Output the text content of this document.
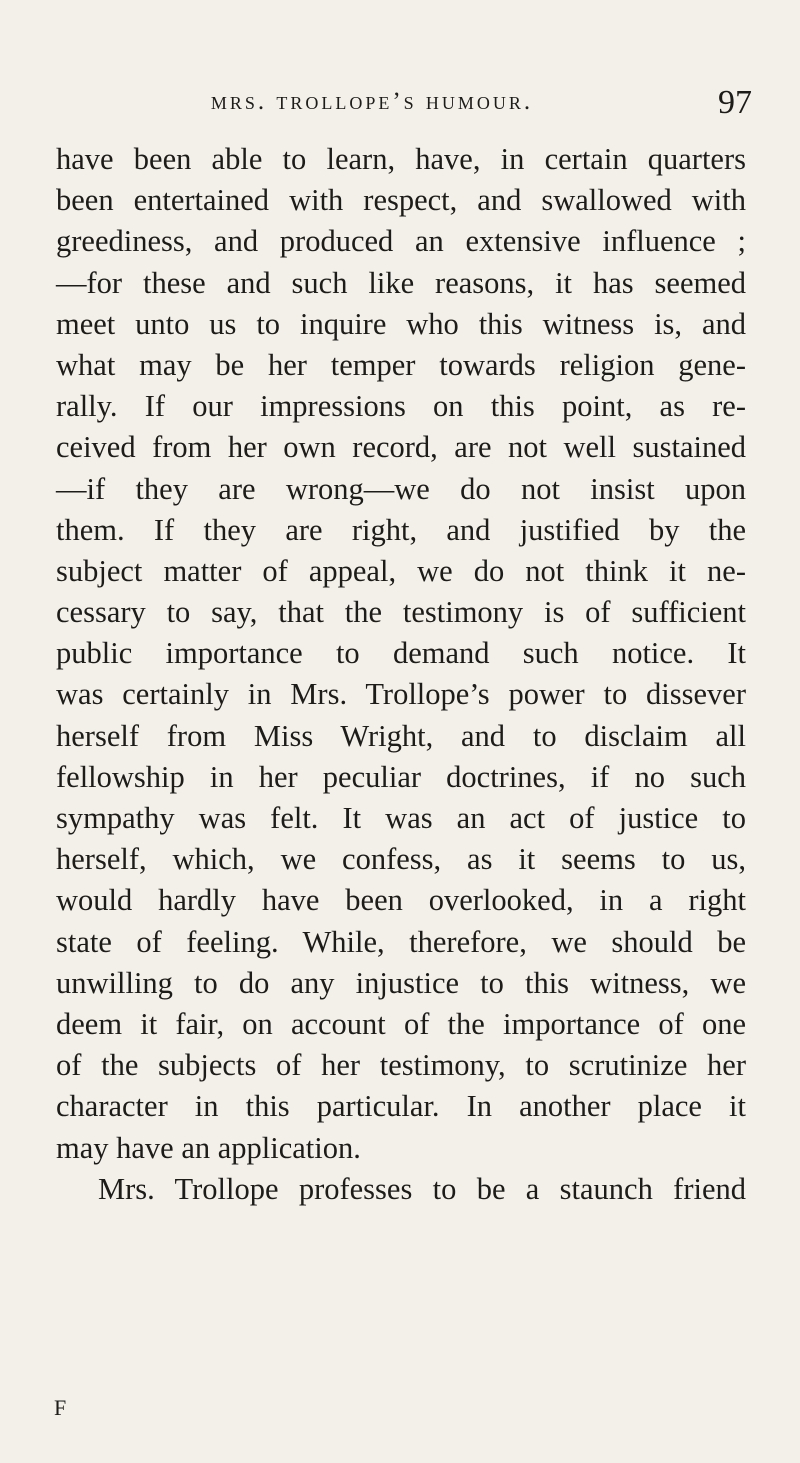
mrs. trollope’s humour.	97
have been able to learn, have, in certain quarters
been entertained with respect, and swallowed with
greediness, and produced an extensive influence ;
—for these and such like reasons, it has seemed
meet unto us to inquire who this witness is, and
what may be her temper towards religion gene-
rally. If our impressions on this point, as re-
ceived from her own record, are not well sustained
—if they are wrong—we do not insist upon
them. If they are right, and justified by the
subject matter of appeal, we do not think it ne-
cessary to say, that the testimony is of sufficient
public importance to demand such notice. It
was certainly in Mrs. Trollope’s power to dissever
herself from Miss Wright, and to disclaim all
fellowship in her peculiar doctrines, if no such
sympathy was felt. It was an act of justice to
herself, which, we confess, as it seems to us,
would hardly have been overlooked, in a right
state of feeling. While, therefore, we should be
unwilling to do any injustice to this witness, we
deem it fair, on account of the importance of one
of the subjects of her testimony, to scrutinize her
character in this particular. In another place it
may have an application.
Mrs. Trollope professes to be a staunch friend
F
